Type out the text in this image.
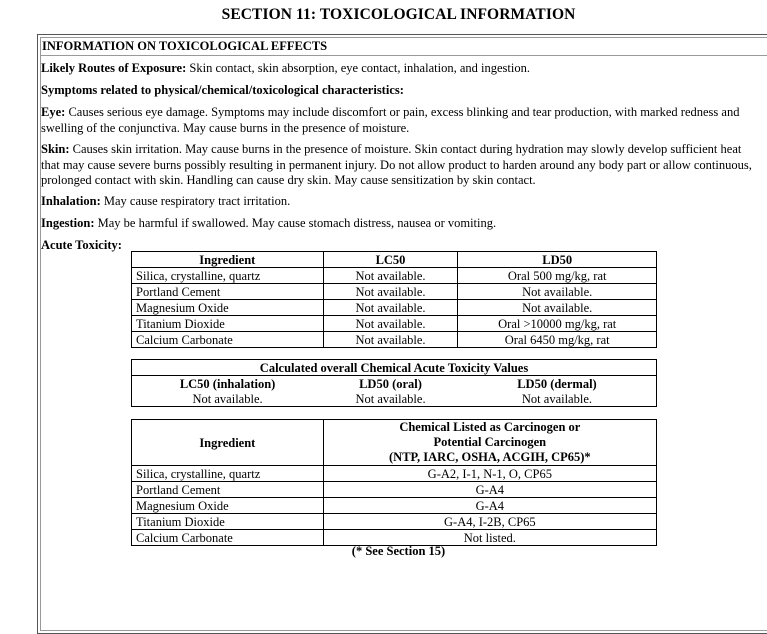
SECTION 11: TOXICOLOGICAL INFORMATION
INFORMATION ON TOXICOLOGICAL EFFECTS
Likely Routes of Exposure: Skin contact, skin absorption, eye contact, inhalation, and ingestion.
Symptoms related to physical/chemical/toxicological characteristics:
Eye: Causes serious eye damage. Symptoms may include discomfort or pain, excess blinking and tear production, with marked redness and swelling of the conjunctiva. May cause burns in the presence of moisture.
Skin: Causes skin irritation. May cause burns in the presence of moisture. Skin contact during hydration may slowly develop sufficient heat that may cause severe burns possibly resulting in permanent injury. Do not allow product to harden around any body part or allow continuous, prolonged contact with skin. Handling can cause dry skin. May cause sensitization by skin contact.
Inhalation: May cause respiratory tract irritation.
Ingestion: May be harmful if swallowed. May cause stomach distress, nausea or vomiting.
Acute Toxicity:
Ingredient	LC50	LD50
Silica, crystalline, quartz	Not available.	Oral 500 mg/kg, rat
Portland Cement	Not available.	Not available.
Magnesium Oxide	Not available.	Not available.
Titanium Dioxide	Not available.	Oral >10000 mg/kg, rat
Calcium Carbonate	Not available.	Oral 6450 mg/kg, rat
Calculated overall Chemical Acute Toxicity Values		
LC50 (inhalation)	LD50 (oral)	LD50 (dermal)
Not available.	Not available.	Not available.
Ingredient	Chemical Listed as Carcinogen or
Potential Carcinogen
(NTP, IARC, OSHA, ACGIH, CP65)*

Silica, crystalline, quartz	G-A2, I-1, N-1, O, CP65
Portland Cement	G-A4
Magnesium Oxide	G-A4
Titanium Dioxide	G-A4, I-2B, CP65
Calcium Carbonate	Not listed.
(* See Section 15)
